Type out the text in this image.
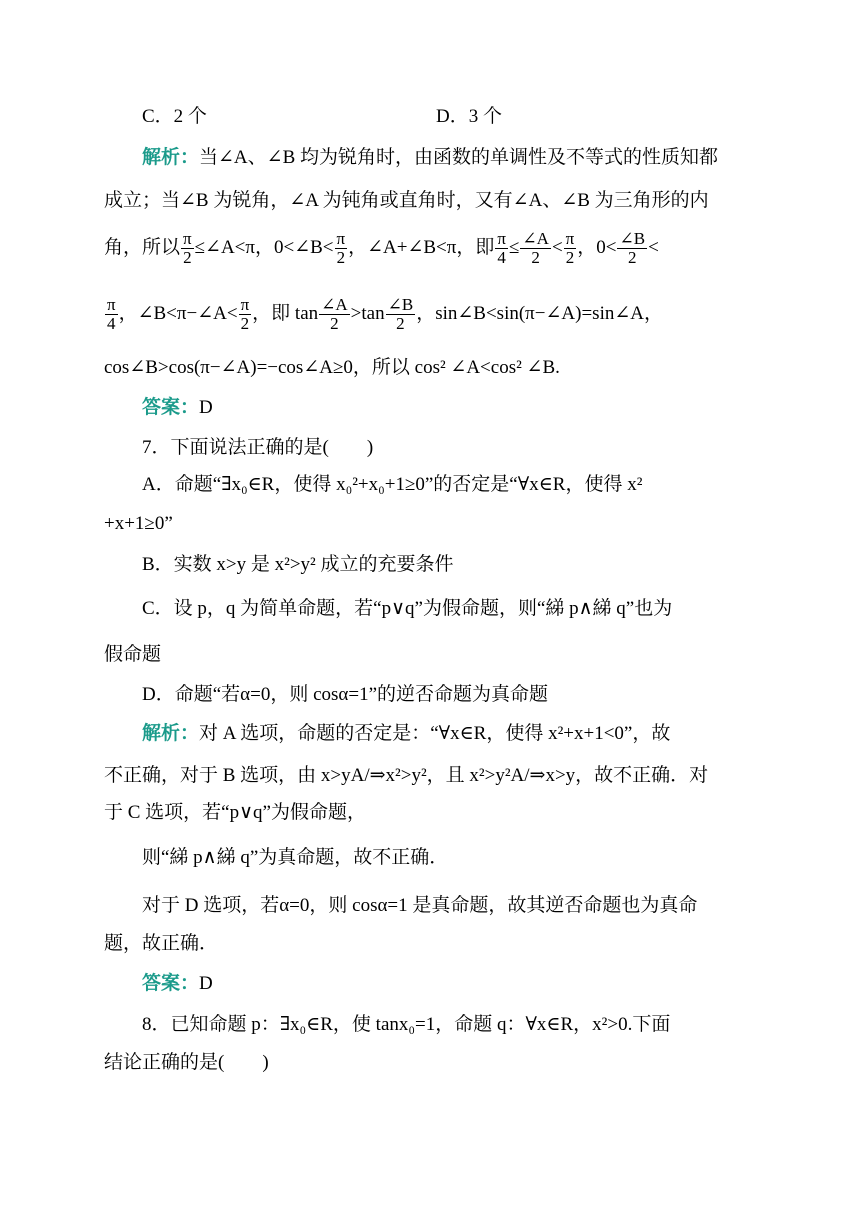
C．2 个	D．3 个
解析：当∠A、∠B 均为锐角时，由函数的单调性及不等式的性质知都
成立；当∠B 为锐角，∠A 为钝角或直角时，又有∠A、∠B 为三角形的内
角，所以 $\frac{\pi}{2}$ ≤∠A<π，0<∠B< $\frac{\pi}{2}$ ，∠A+∠B<π，即 $\frac{\pi}{4} \le \frac{\angle A}{2} < \frac{\pi}{2}$ ，$0< \frac{\angle B}{2}$ <
$\frac{\pi}{4}$ ，∠B<π−∠A< $\frac{\pi}{2}$ ，即 $\tan \frac{\angle A}{2} >\tan \frac{\angle B}{2}$ ，sin∠B<sin(π−∠A)=sin∠A，
cos∠B>cos(π−∠A)=−cos∠A≥0，所以 cos² ∠A<cos² ∠B.
答案：D
7．下面说法正确的是(　　)
A．命题“∃x₀∈R，使得 x₀²+x₀+1≥0”的否定是“∀x∈R，使得 x²
+x+1≥0”
B．实数 x>y 是 x²>y² 成立的充要条件
C．设 p，q 为简单命题，若“p∨q”为假命题，则“綈 p∧綈 q”也为
假命题
D．命题“若α=0，则 cosα=1”的逆否命题为真命题
解析：对 A 选项，命题的否定是：“∀x∈R，使得 x²+x+1<0”，故
不正确，对于 B 选项，由 x>yA/⇒x²>y²，且 x²>y²A/⇒x>y，故不正确．对
于 C 选项，若“p∨q”为假命题，
则“綈 p∧綈 q”为真命题，故不正确．
对于 D 选项，若α=0，则 cosα=1 是真命题，故其逆否命题也为真命
题，故正确．
答案：D
8．已知命题 p：∃x₀∈R，使 tanx₀=1，命题 q：∀x∈R，x²>0.下面
结论正确的是(　　)
